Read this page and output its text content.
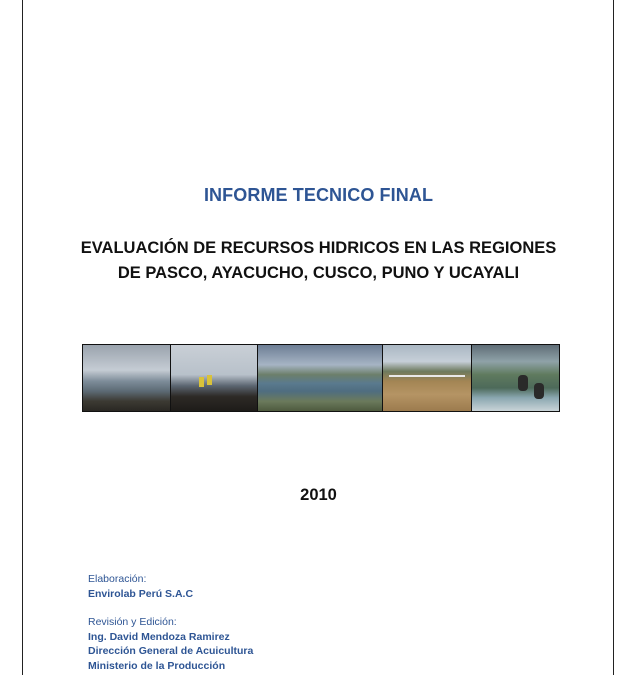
INFORME TECNICO FINAL
EVALUACIÓN DE RECURSOS HIDRICOS EN LAS REGIONES
DE PASCO, AYACUCHO, CUSCO, PUNO Y UCAYALI
2010
Elaboración:
Envirolab Perú S.A.C
Revisión y Edición:
Ing. David Mendoza Ramirez
Dirección General de Acuicultura
Ministerio de la Producción
